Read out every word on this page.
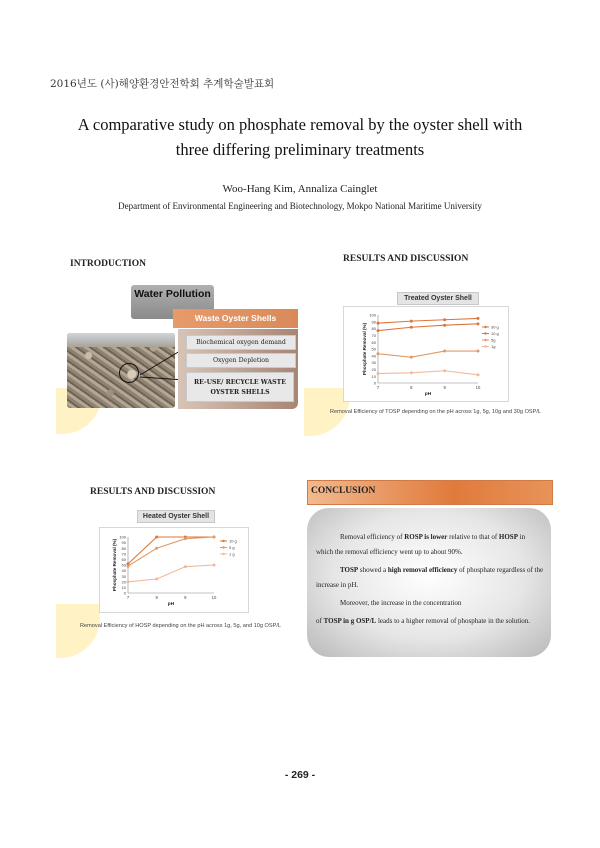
2016년도 (사)해양환경안전학회 추계학술발표회
A comparative study on phosphate removal by the oyster shell with
three differing preliminary treatments
Woo-Hang Kim, Annaliza Cainglet
Department of Environmental Engineering and Biotechnology, Mokpo National Maritime University
INTRODUCTION
Water Pollution
Waste Oyster Shells
Biochemical oxygen demand
Oxygen Depletion
RE-USE/ RECYCLE WASTE
OYSTER SHELLS
RESULTS AND DISCUSSION
Treated Oyster Shell
0
10
20
30
40
50
60
70
80
90
100
7	8	9	10
pH
Phosphate Removal (%)	30 g
10 g
5g
1g
Removal Efficiency of TOSP depending on the pH across 1g, 5g, 10g and 30g OSP/L
RESULTS AND DISCUSSION
Heated Oyster Shell
0
10
20
30
40
50
60
70
80
90
100
7	8	9	10
pH
Phosphate Removal (%)	10 g
5 g
1 g
Removal Efficiency of HOSP depending on the pH across 1g, 5g, and 10g OSP/L
CONCLUSION
Removal efficiency of ROSP is lower relative to that of HOSP in which the removal efficiency went up to about 90%.
TOSP showed a high removal efficiency of phosphate regardless of the increase in pH.
Moreover, the increase in the concentration
of TOSP in g OSP/L leads to a higher removal of phosphate in the solution.
- 269 -
